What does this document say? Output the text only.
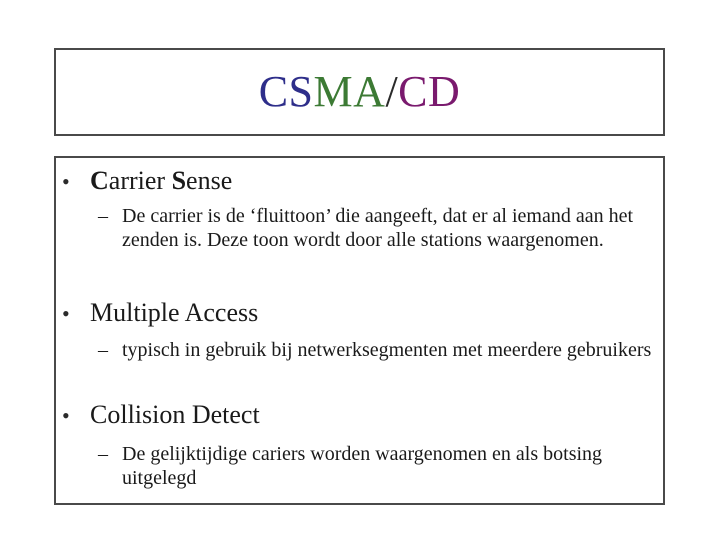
CSMA/CD
• Carrier Sense
– De carrier is de ‘fluittoon’ die aangeeft, dat er al iemand aan het zenden is. Deze toon wordt door alle stations waargenomen.
• Multiple Access
– typisch in gebruik bij netwerksegmenten met meerdere gebruikers
• Collision Detect
– De gelijktijdige cariers worden waargenomen en als botsing uitgelegd
